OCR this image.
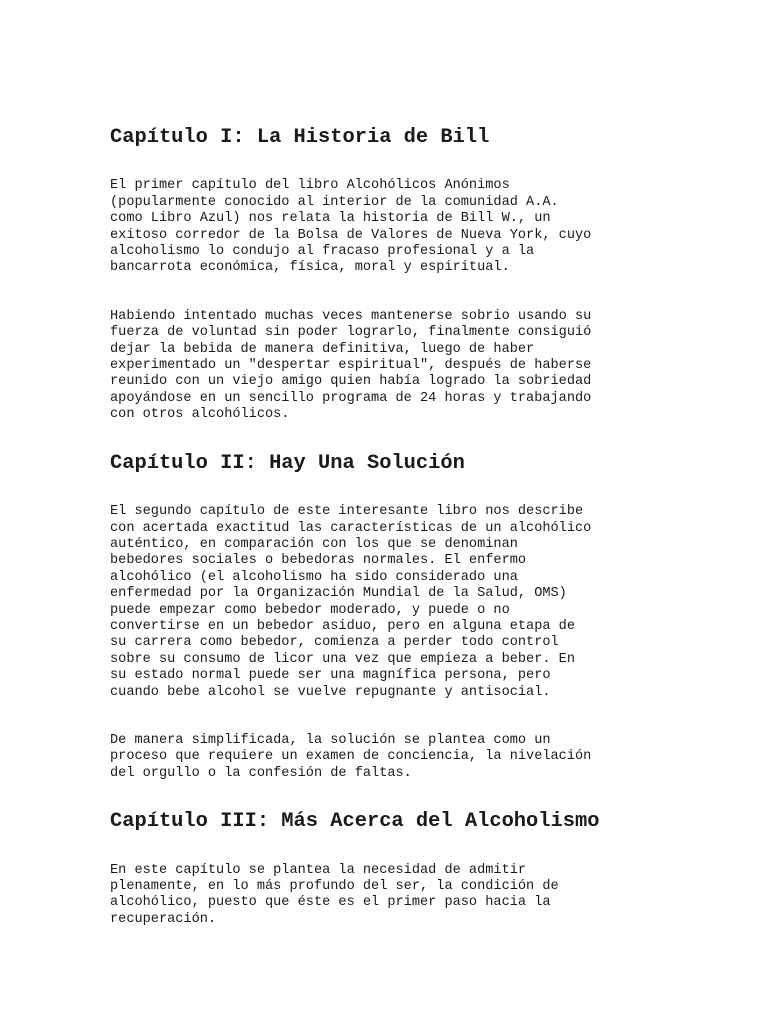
Capítulo I: La Historia de Bill

El primer capítulo del libro Alcohólicos Anónimos
(popularmente conocido al interior de la comunidad A.A.
como Libro Azul) nos relata la historia de Bill W., un
exitoso corredor de la Bolsa de Valores de Nueva York, cuyo
alcoholismo lo condujo al fracaso profesional y a la
bancarrota económica, física, moral y espiritual.

Habiendo intentado muchas veces mantenerse sobrio usando su
fuerza de voluntad sin poder lograrlo, finalmente consiguió
dejar la bebida de manera definitiva, luego de haber
experimentado un "despertar espiritual", después de haberse
reunido con un viejo amigo quien había logrado la sobriedad
apoyándose en un sencillo programa de 24 horas y trabajando
con otros alcohólicos.

Capítulo II: Hay Una Solución

El segundo capítulo de este interesante libro nos describe
con acertada exactitud las características de un alcohólico
auténtico, en comparación con los que se denominan
bebedores sociales o bebedoras normales. El enfermo
alcohólico (el alcoholismo ha sido considerado una
enfermedad por la Organización Mundial de la Salud, OMS)
puede empezar como bebedor moderado, y puede o no
convertirse en un bebedor asiduo, pero en alguna etapa de
su carrera como bebedor, comienza a perder todo control
sobre su consumo de licor una vez que empieza a beber. En
su estado normal puede ser una magnífica persona, pero
cuando bebe alcohol se vuelve repugnante y antisocial.

De manera simplificada, la solución se plantea como un
proceso que requiere un examen de conciencia, la nivelación
del orgullo o la confesión de faltas.

Capítulo III: Más Acerca del Alcoholismo

En este capítulo se plantea la necesidad de admitir
plenamente, en lo más profundo del ser, la condición de
alcohólico, puesto que éste es el primer paso hacia la
recuperación.
